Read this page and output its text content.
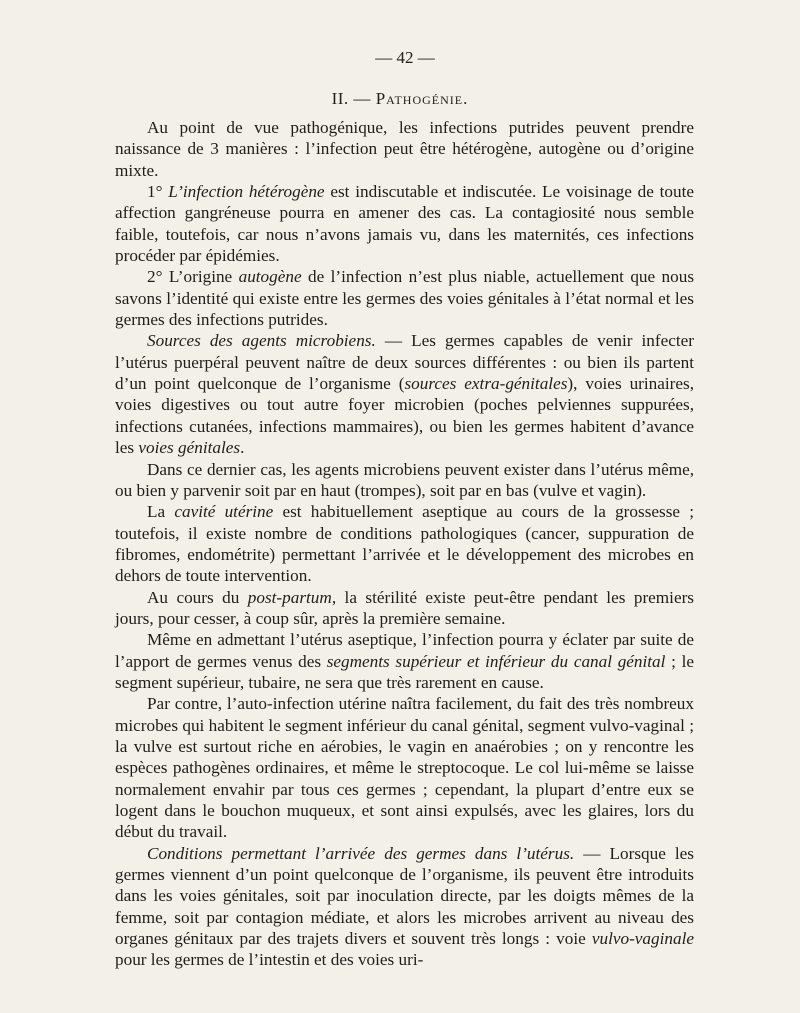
— 42 —
II. — Pathogénie.

Au point de vue pathogénique, les infections putrides peuvent prendre naissance de 3 manières : l’infection peut être hétérogène, autogène ou d’origine mixte.

1° L’infection hétérogène est indiscutable et indiscutée. Le voisinage de toute affection gangréneuse pourra en amener des cas. La contagiosité nous semble faible, toutefois, car nous n’avons jamais vu, dans les maternités, ces infections procéder par épidémies.

2° L’origine autogène de l’infection n’est plus niable, actuellement que nous savons l’identité qui existe entre les germes des voies génitales à l’état normal et les germes des infections putrides.

Sources des agents microbiens. — Les germes capables de venir infecter l’utérus puerpéral peuvent naître de deux sources différentes : ou bien ils partent d’un point quelconque de l’organisme (sources extra-génitales), voies urinaires, voies digestives ou tout autre foyer microbien (poches pelviennes suppurées, infections cutanées, infections mammaires), ou bien les germes habitent d’avance les voies génitales.

Dans ce dernier cas, les agents microbiens peuvent exister dans l’utérus même, ou bien y parvenir soit par en haut (trompes), soit par en bas (vulve et vagin).

La cavité utérine est habituellement aseptique au cours de la grossesse ; toutefois, il existe nombre de conditions pathologiques (cancer, suppuration de fibromes, endométrite) permettant l’arrivée et le développement des microbes en dehors de toute intervention.

Au cours du post-partum, la stérilité existe peut-être pendant les premiers jours, pour cesser, à coup sûr, après la première semaine.

Même en admettant l’utérus aseptique, l’infection pourra y éclater par suite de l’apport de germes venus des segments supérieur et inférieur du canal génital ; le segment supérieur, tubaire, ne sera que très rarement en cause.

Par contre, l’auto-infection utérine naîtra facilement, du fait des très nombreux microbes qui habitent le segment inférieur du canal génital, segment vulvo-vaginal ; la vulve est surtout riche en aérobies, le vagin en anaérobies ; on y rencontre les espèces pathogènes ordinaires, et même le streptocoque. Le col lui-même se laisse normalement envahir par tous ces germes ; cependant, la plupart d’entre eux se logent dans le bouchon muqueux, et sont ainsi expulsés, avec les glaires, lors du début du travail.

Conditions permettant l’arrivée des germes dans l’utérus. — Lorsque les germes viennent d’un point quelconque de l’organisme, ils peuvent être introduits dans les voies génitales, soit par inoculation directe, par les doigts mêmes de la femme, soit par contagion médiate, et alors les microbes arrivent au niveau des organes génitaux par des trajets divers et souvent très longs : voie vulvo-vaginale pour les germes de l’intestin et des voies uri-
